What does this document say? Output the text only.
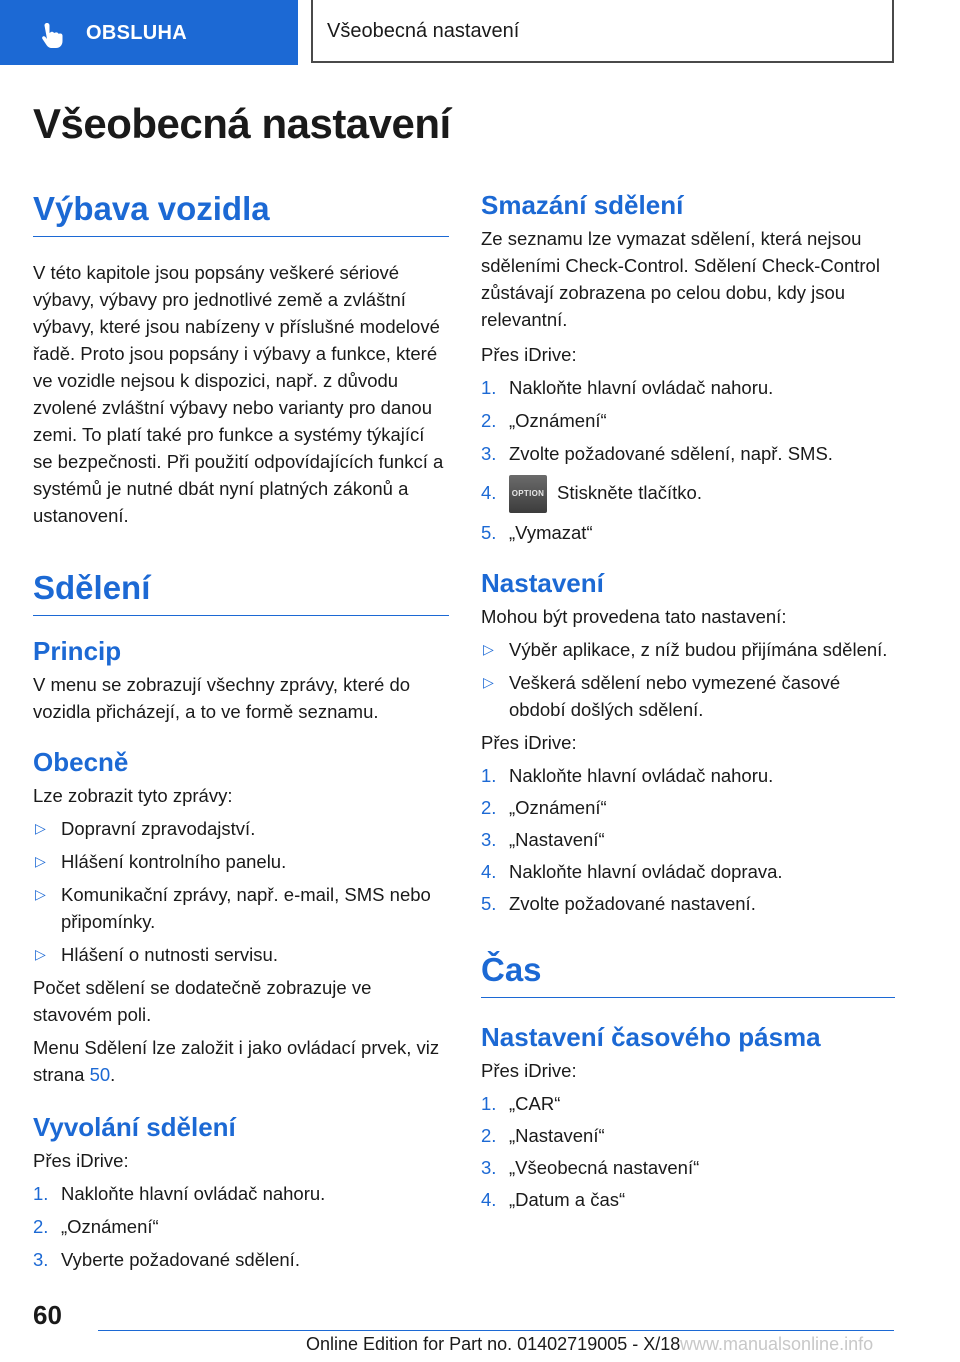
OBSLUHA	Všeobecná nastavení
Všeobecná nastavení
Výbava vozidla

V této kapitole jsou popsány veškeré sériové výbavy, výbavy pro jednotlivé země a zvláštní výbavy, které jsou nabízeny v příslušné modelové řadě. Proto jsou popsány i výbavy a funkce, které ve vozidle nejsou k dispozici, např. z důvodu zvolené zvláštní výbavy nebo varianty pro danou zemi. To platí také pro funkce a systémy týkající se bezpečnosti. Při použití odpovídajících funkcí a systémů je nutné dbát nyní platných zákonů a ustanovení.

Sdělení
Princip

V menu se zobrazují všechny zprávy, které do vozidla přicházejí, a to ve formě seznamu.

Obecně

Lze zobrazit tyto zprávy:

▷ Dopravní zpravodajství.
▷ Hlášení kontrolního panelu.
▷ Komunikační zprávy, např. e-mail, SMS nebo připomínky.
▷ Hlášení o nutnosti servisu.

Počet sdělení se dodatečně zobrazuje ve stavovém poli.

Menu Sdělení lze založit i jako ovládací prvek, viz strana 50.

Vyvolání sdělení

Přes iDrive:

1. Nakloňte hlavní ovládač nahoru.
2. „Oznámení“
3. Vyberte požadované sdělení.
Smazání sdělení

Ze seznamu lze vymazat sdělení, která nejsou sděleními Check-Control. Sdělení Check-Control zůstávají zobrazena po celou dobu, kdy jsou relevantní.

Přes iDrive:

1. Nakloňte hlavní ovládač nahoru.
2. „Oznámení“
3. Zvolte požadované sdělení, např. SMS.
4. OPTION Stiskněte tlačítko.
5. „Vymazat“
Nastavení

Mohou být provedena tato nastavení:

▷ Výběr aplikace, z níž budou přijímána sdělení.
▷ Veškerá sdělení nebo vymezené časové období došlých sdělení.

Přes iDrive:

1. Nakloňte hlavní ovládač nahoru.
2. „Oznámení“
3. „Nastavení“
4. Nakloňte hlavní ovládač doprava.
5. Zvolte požadované nastavení.
Čas
Nastavení časového pásma

Přes iDrive:

1. „CAR“
2. „Nastavení“
3. „Všeobecná nastavení“
4. „Datum a čas“
60
Online Edition for Part no. 01402719005 - X/18 www.manualsonline.info
